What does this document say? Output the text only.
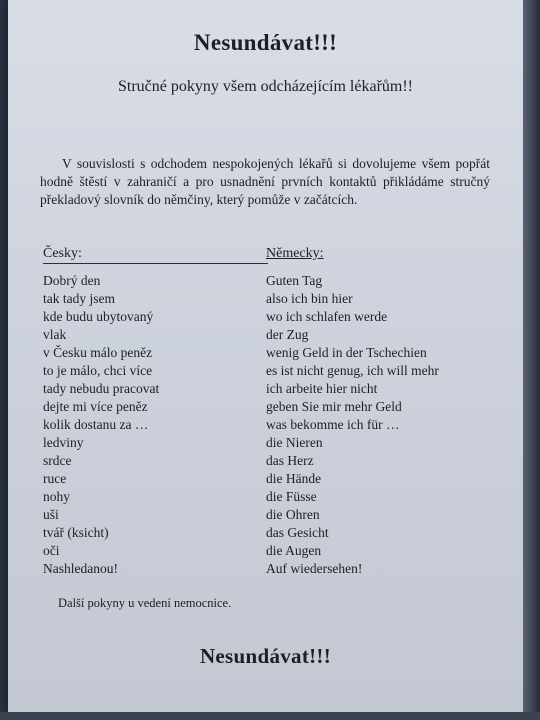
Nesundávat!!!
Stručné pokyny všem odcházejícím lékařům!!
V souvislosti s odchodem nespokojených lékařů si dovolujeme všem popřát hodně štěstí v zahraničí a pro usnadnění prvních kontaktů přikládáme stručný překladový slovník do němčiny, který pomůže v začátcích.
Česky:	Německy:
Dobrý den	Guten Tag
tak tady jsem	also ich bin hier
kde budu ubytovaný	wo ich schlafen werde
vlak	der Zug
v Česku málo peněz	wenig Geld in der Tschechien
to je málo, chci více	es ist nicht genug, ich will mehr
tady nebudu pracovat	ich arbeite hier nicht
dejte mi více peněz	geben Sie mir mehr Geld
kolik dostanu za …	was bekomme ich für …
ledviny	die Nieren
srdce	das Herz
ruce	die Hände
nohy	die Füsse
uši	die Ohren
tvář (ksicht)	das Gesicht
oči	die Augen
Nashledanou!	Auf wiedersehen!
Další pokyny u vedení nemocnice.
Nesundávat!!!
